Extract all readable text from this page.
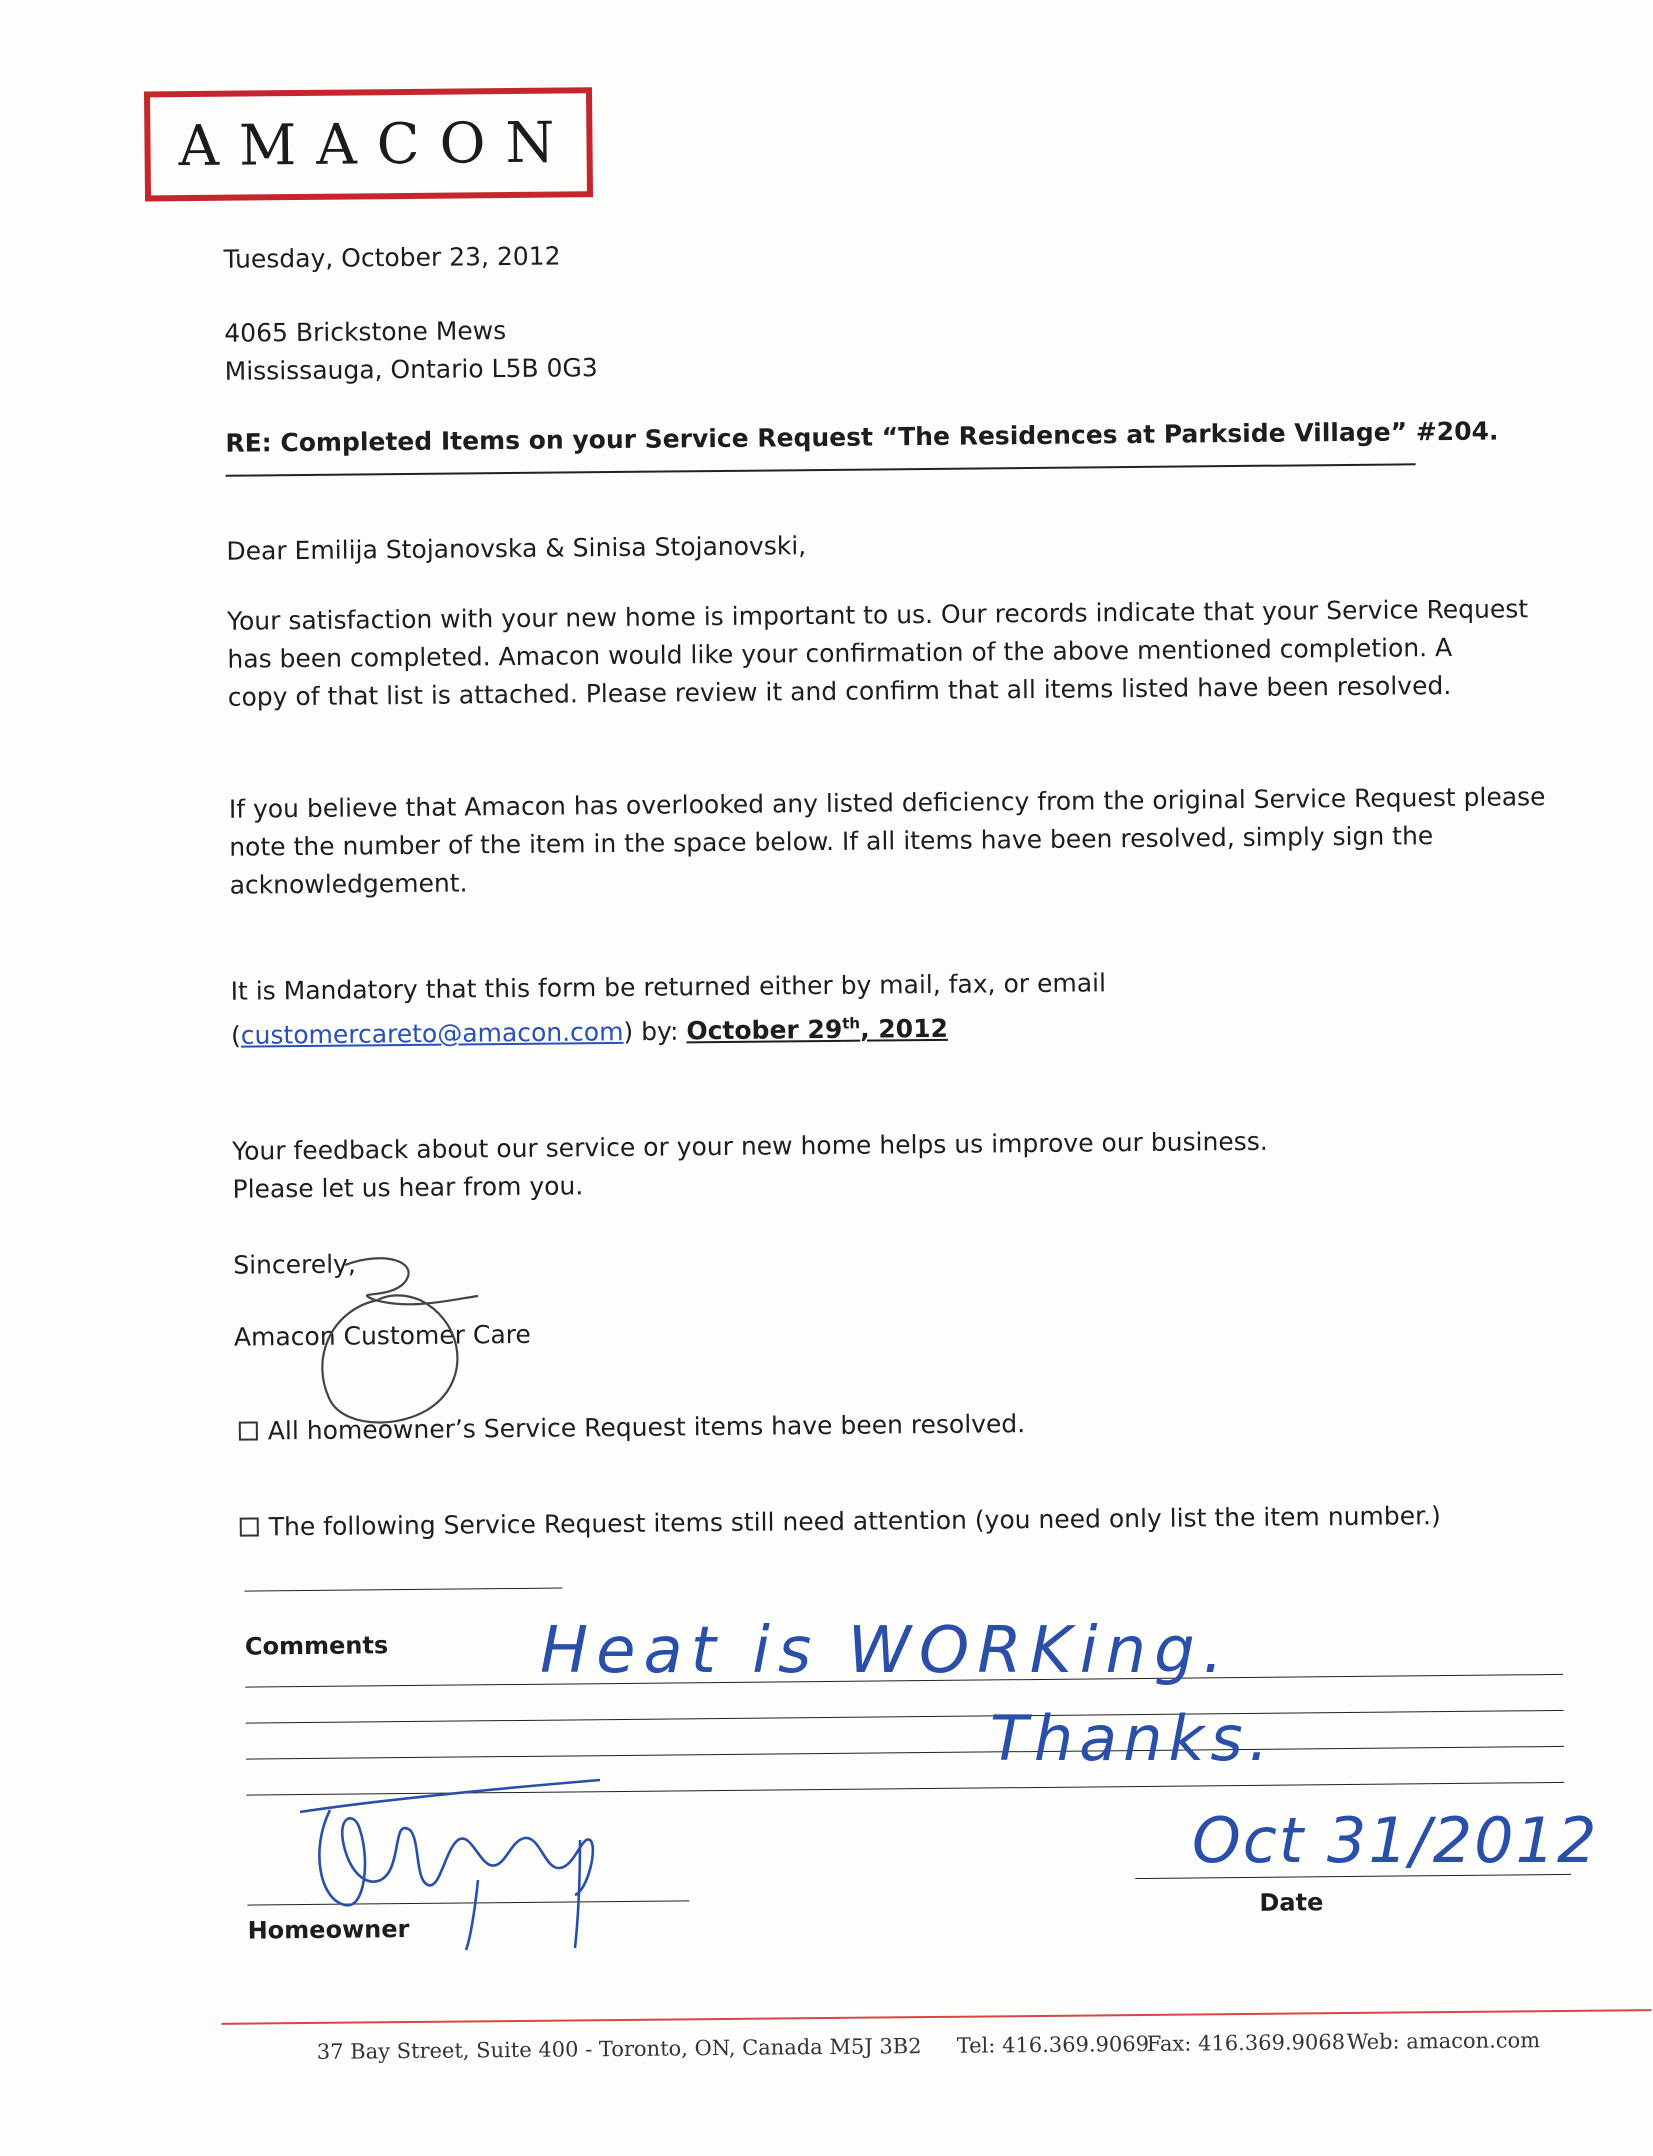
AMACON
Tuesday, October 23, 2012
4065 Brickstone Mews
Mississauga, Ontario L5B 0G3
RE: Completed Items on your Service Request “The Residences at Parkside Village” #204.
Dear Emilija Stojanovska & Sinisa Stojanovski,
Your satisfaction with your new home is important to us. Our records indicate that your Service Request
has been completed. Amacon would like your confirmation of the above mentioned completion. A
copy of that list is attached. Please review it and confirm that all items listed have been resolved.
If you believe that Amacon has overlooked any listed deficiency from the original Service Request please
note the number of the item in the space below. If all items have been resolved, simply sign the
acknowledgement.
It is Mandatory that this form be returned either by mail, fax, or email
(customercareto@amacon.com) by: October 29th, 2012
Your feedback about our service or your new home helps us improve our business.
Please let us hear from you.
Sincerely,
Amacon Customer Care
All homeowner’s Service Request items have been resolved.
The following Service Request items still need attention (you need only list the item number.)
Comments
Homeowner
Date
37 Bay Street, Suite 400 - Toronto, ON, Canada M5J 3B2 Tel: 416.369.9069
Fax: 416.369.9068 Web: amacon.com
Heat is WORKing.
Thanks.
Oct 31/2012
